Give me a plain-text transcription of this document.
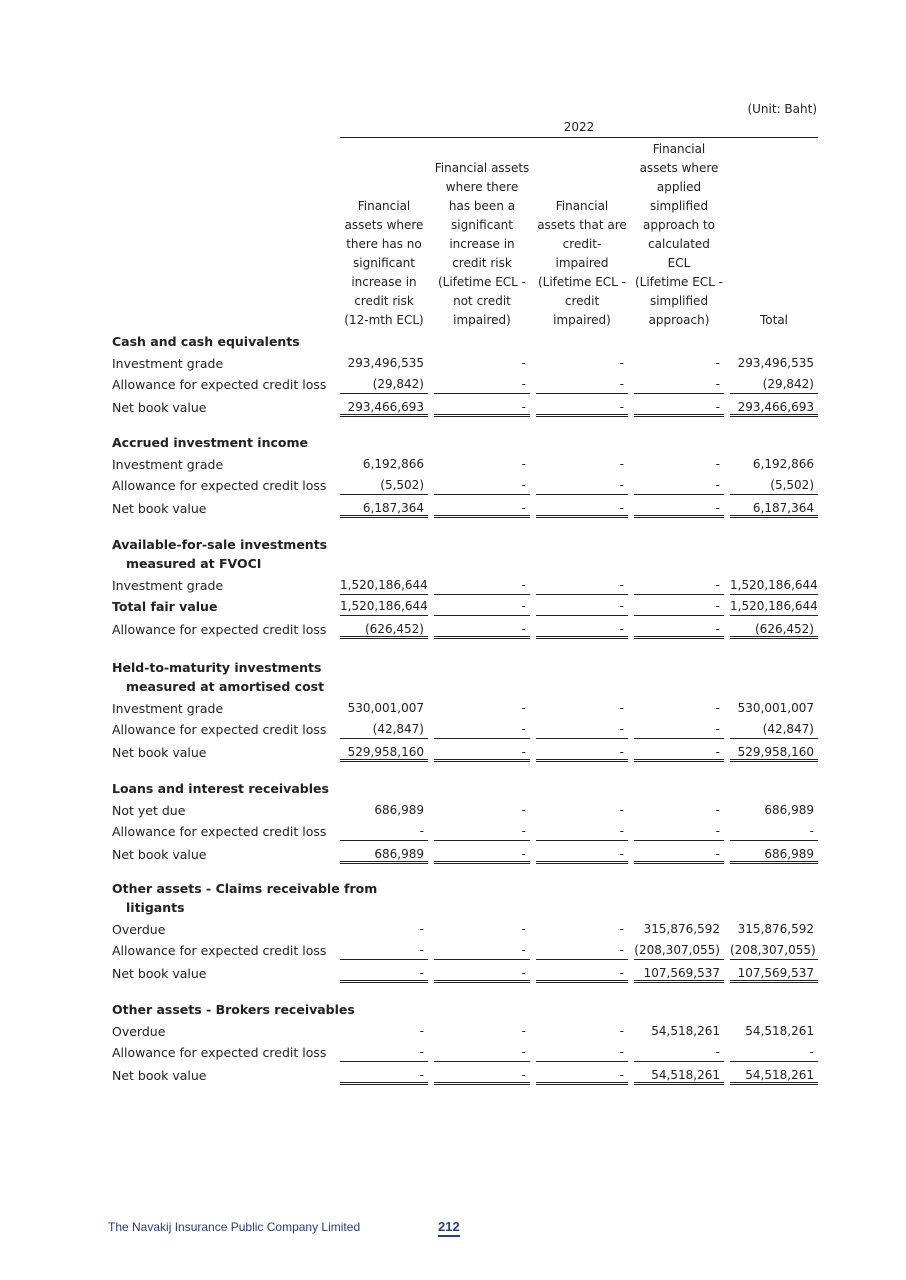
(Unit: Baht)
2022
Financial
assets where
there has no
significant
increase in
credit risk
(12-mth ECL)
Financial assets
where there
has been a
significant
increase in
credit risk
(Lifetime ECL -
not credit
impaired)
Financial
assets that are
credit-
impaired
(Lifetime ECL -
credit
impaired)
Financial
assets where
applied
simplified
approach to
calculated
ECL
(Lifetime ECL -
simplified
approach)	Total
Cash and cash equivalents
Investment grade	293,496,535	-	-	-	293,496,535
Allowance for expected credit loss	(29,842)	-	-	-	(29,842)
Net book value	293,466,693	-	-	-	293,466,693
Accrued investment income
Investment grade	6,192,866	-	-	-	6,192,866
Allowance for expected credit loss	(5,502)	-	-	-	(5,502)
Net book value	6,187,364	-	-	-	6,187,364
Available-for-sale investments
measured at FVOCI
Investment grade	1,520,186,644	-	-	- 1,520,186,644
Total fair value	1,520,186,644	-	-	- 1,520,186,644
Allowance for expected credit loss	(626,452)	-	-	-	(626,452)
Held-to-maturity investments
measured at amortised cost
Investment grade	530,001,007	-	-	-	530,001,007
Allowance for expected credit loss	(42,847)	-	-	-	(42,847)
Net book value	529,958,160	-	-	-	529,958,160
Loans and interest receivables
Not yet due	686,989	-	-	-	686,989
Allowance for expected credit loss	-	-	-	-	-
Net book value	686,989	-	-	-	686,989
Other assets - Claims receivable from
litigants
Overdue	-	-	-	315,876,592	315,876,592
Allowance for expected credit loss	-	-	- (208,307,055) (208,307,055)
Net book value	-	-	-	107,569,537	107,569,537
Other assets - Brokers receivables
Overdue	-	-	-	54,518,261	54,518,261
Allowance for expected credit loss	-	-	-	-	-
Net book value	-	-	-	54,518,261	54,518,261
The Navakij Insurance Public Company Limited	212
